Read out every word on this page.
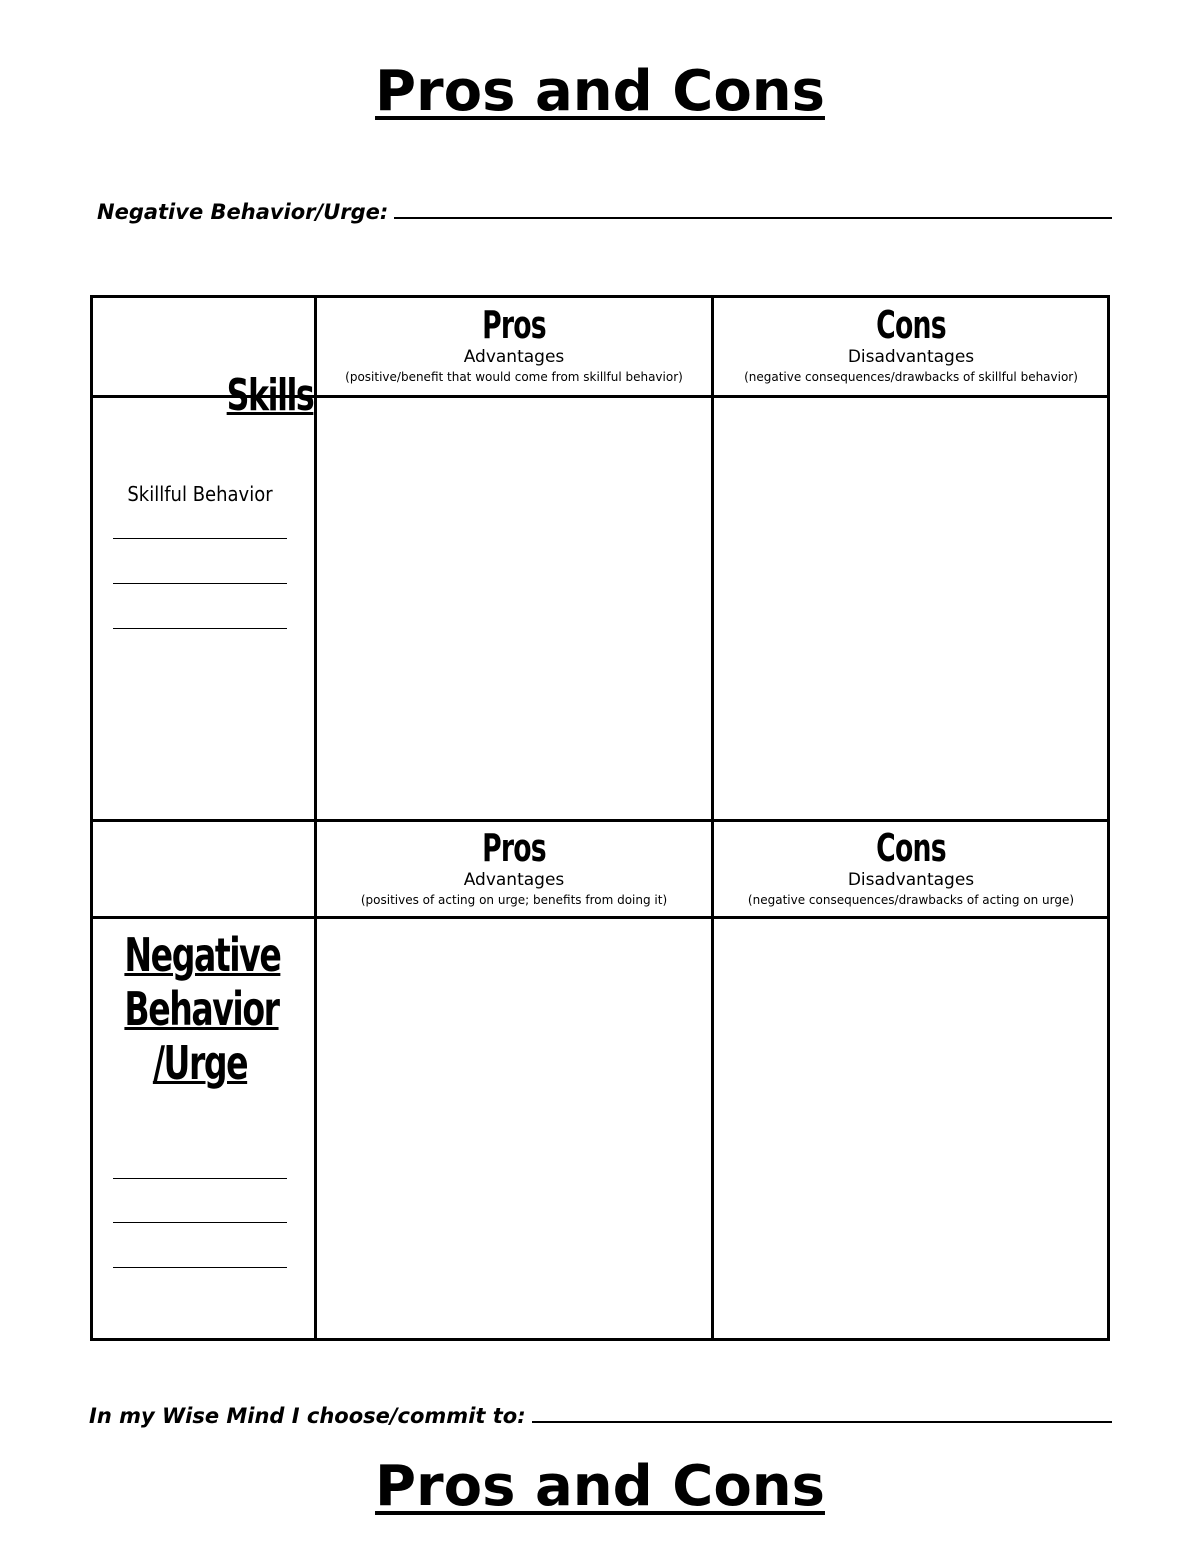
Pros and Cons
Negative Behavior/Urge:
Pros
Advantages
(positive/benefit that would come from skillful behavior)
Cons
Disadvantages
(negative consequences/drawbacks of skillful behavior)
Pros
Advantages
(positives of acting on urge; benefits from doing it)
Cons
Disadvantages
(negative consequences/drawbacks of acting on urge)
Skills
Skillful Behavior
Negative
Behavior
/Urge
In my Wise Mind I choose/commit to:
Pros and Cons
